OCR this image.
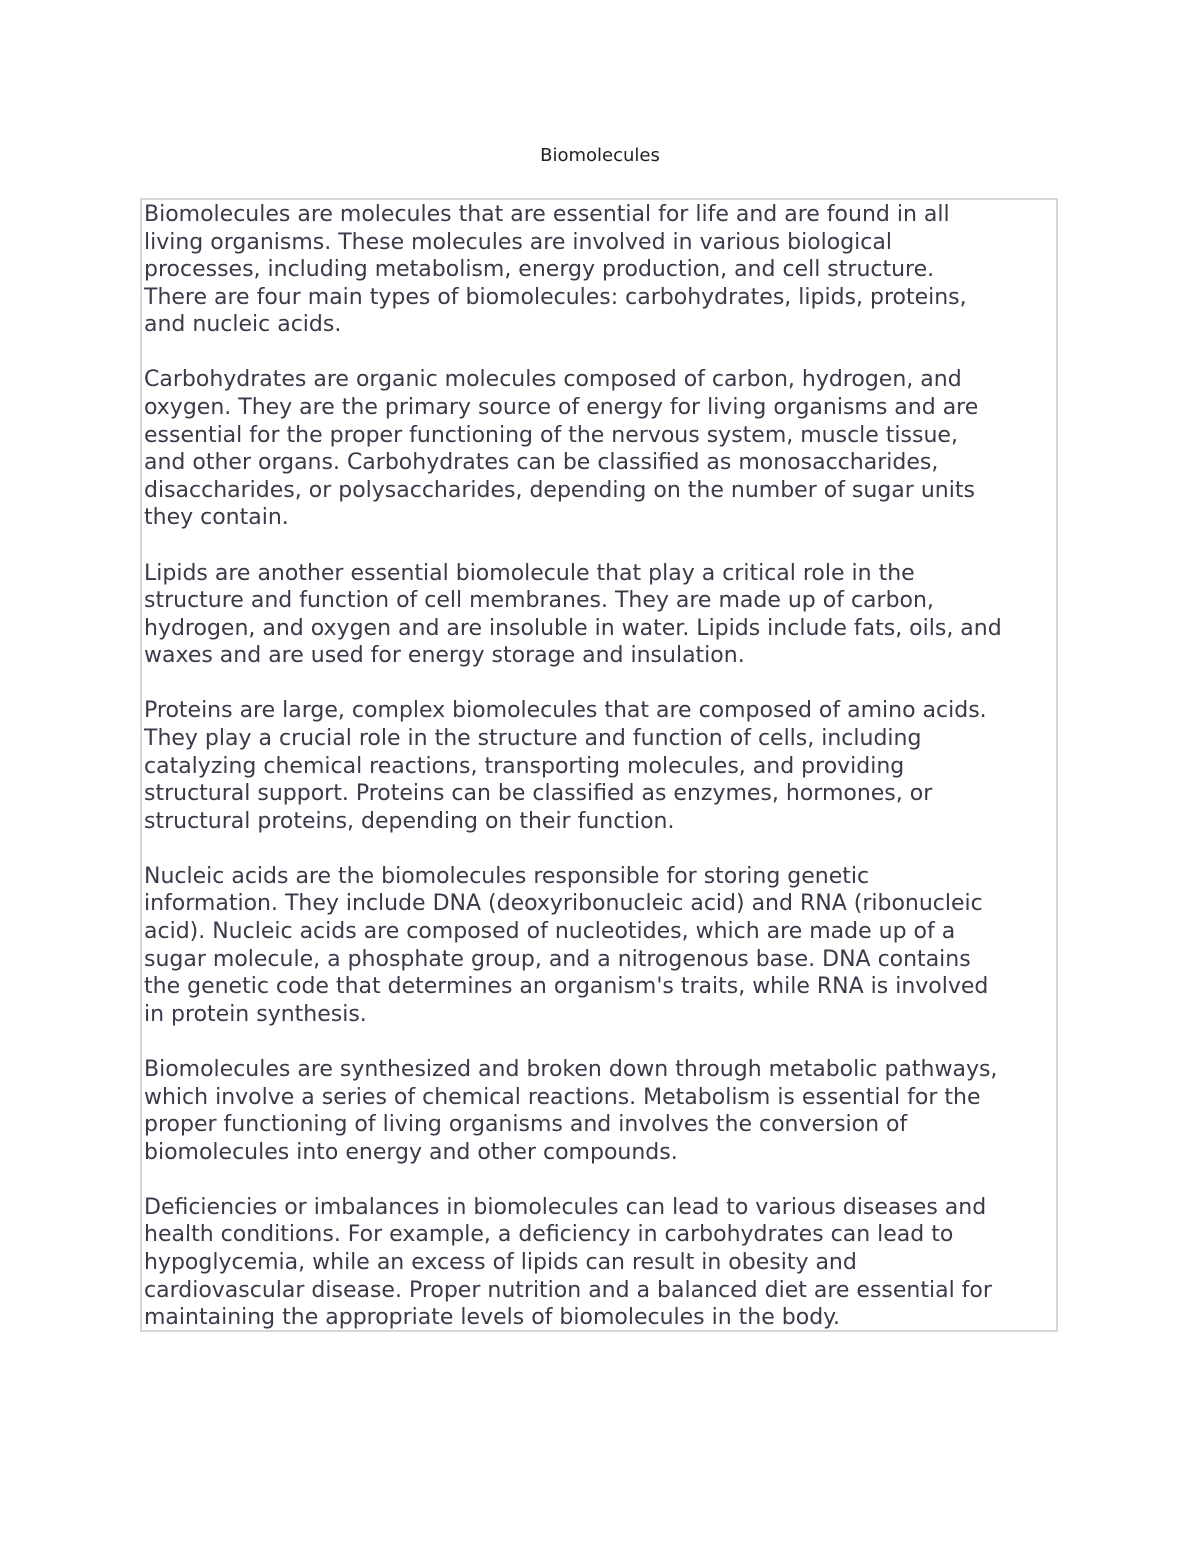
Biomolecules

Biomolecules are molecules that are essential for life and are found in all
living organisms. These molecules are involved in various biological
processes, including metabolism, energy production, and cell structure.
There are four main types of biomolecules: carbohydrates, lipids, proteins,
and nucleic acids.

Carbohydrates are organic molecules composed of carbon, hydrogen, and
oxygen. They are the primary source of energy for living organisms and are
essential for the proper functioning of the nervous system, muscle tissue,
and other organs. Carbohydrates can be classified as monosaccharides,
disaccharides, or polysaccharides, depending on the number of sugar units
they contain.

Lipids are another essential biomolecule that play a critical role in the
structure and function of cell membranes. They are made up of carbon,
hydrogen, and oxygen and are insoluble in water. Lipids include fats, oils, and
waxes and are used for energy storage and insulation.

Proteins are large, complex biomolecules that are composed of amino acids.
They play a crucial role in the structure and function of cells, including
catalyzing chemical reactions, transporting molecules, and providing
structural support. Proteins can be classified as enzymes, hormones, or
structural proteins, depending on their function.

Nucleic acids are the biomolecules responsible for storing genetic
information. They include DNA (deoxyribonucleic acid) and RNA (ribonucleic
acid). Nucleic acids are composed of nucleotides, which are made up of a
sugar molecule, a phosphate group, and a nitrogenous base. DNA contains
the genetic code that determines an organism's traits, while RNA is involved
in protein synthesis.

Biomolecules are synthesized and broken down through metabolic pathways,
which involve a series of chemical reactions. Metabolism is essential for the
proper functioning of living organisms and involves the conversion of
biomolecules into energy and other compounds.

Deficiencies or imbalances in biomolecules can lead to various diseases and
health conditions. For example, a deficiency in carbohydrates can lead to
hypoglycemia, while an excess of lipids can result in obesity and
cardiovascular disease. Proper nutrition and a balanced diet are essential for
maintaining the appropriate levels of biomolecules in the body.
